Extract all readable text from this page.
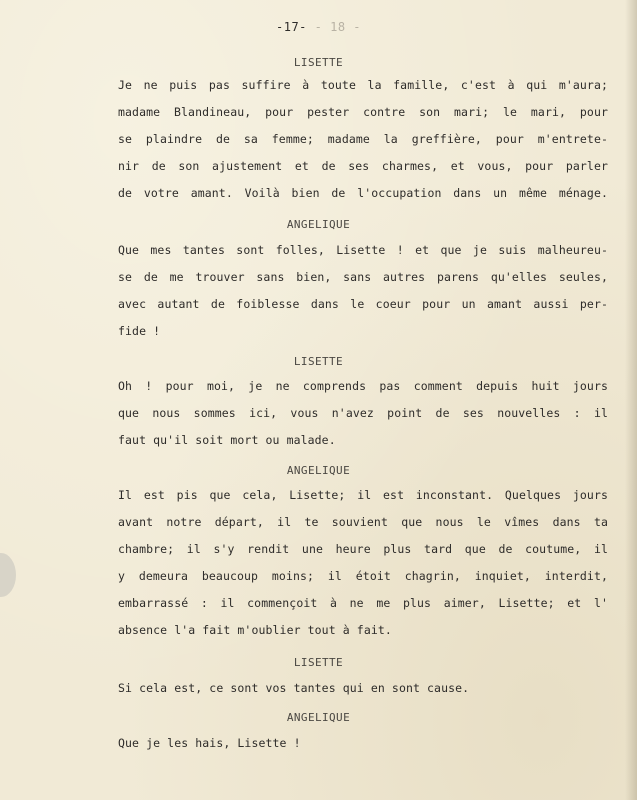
-17- - 18 -
LISETTE
Je ne puis pas suffire à toute la famille, c'est à qui m'aura;
madame Blandineau, pour pester contre son mari; le mari, pour
se plaindre de sa femme; madame la greffière, pour m'entrete-
nir de son ajustement et de ses charmes, et vous, pour parler
de votre amant. Voilà bien de l'occupation dans un même ménage.
ANGELIQUE
Que mes tantes sont folles, Lisette ! et que je suis malheureu-
se de me trouver sans bien, sans autres parens qu'elles seules,
avec autant de foiblesse dans le coeur pour un amant aussi per-
fide !
LISETTE
Oh ! pour moi, je ne comprends pas comment depuis huit jours
que nous sommes ici, vous n'avez point de ses nouvelles : il
faut qu'il soit mort ou malade.
ANGELIQUE
Il est pis que cela, Lisette; il est inconstant. Quelques jours
avant notre départ, il te souvient que nous le vîmes dans ta
chambre; il s'y rendit une heure plus tard que de coutume, il
y demeura beaucoup moins; il étoit chagrin, inquiet, interdit,
embarrassé : il commençoit à ne me plus aimer, Lisette; et l'
absence l'a fait m'oublier tout à fait.
LISETTE
Si cela est, ce sont vos tantes qui en sont cause.
ANGELIQUE
Que je les hais, Lisette !
